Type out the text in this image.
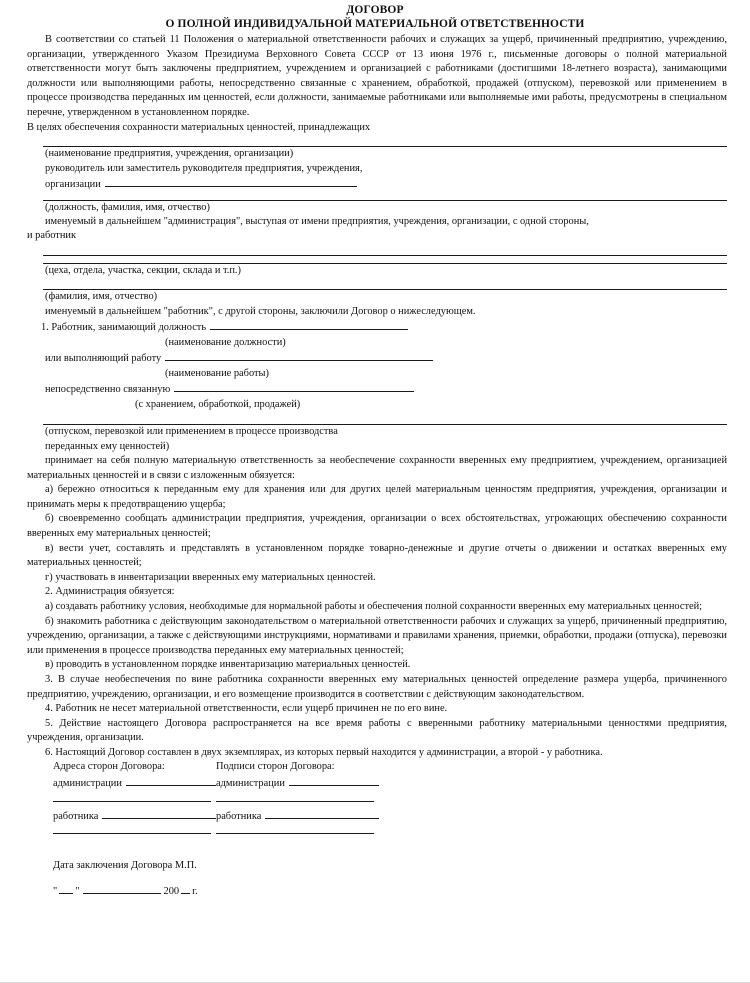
ДОГОВОР
О ПОЛНОЙ ИНДИВИДУАЛЬНОЙ МАТЕРИАЛЬНОЙ ОТВЕТСТВЕННОСТИ

В соответствии со статьей 11 Положения о материальной ответственности рабочих и служащих за ущерб, причиненный предприятию, учреждению, организации, утвержденного Указом Президиума Верховного Совета СССР от 13 июня 1976 г., письменные договоры о полной материальной ответственности могут быть заключены предприятием, учреждением и организацией с работниками (достигшими 18-летнего возраста), занимающими должности или выполняющими работы, непосредственно связанные с хранением, обработкой, продажей (отпуском), перевозкой или применением в процессе производства переданных им ценностей, если должности, занимаемые работниками или выполняемые ими работы, предусмотрены в специальном перечне, утвержденном в установленном порядке.

В целях обеспечения сохранности материальных ценностей, принадлежащих

(наименование предприятия, учреждения, организации)

руководитель или заместитель руководителя предприятия, учреждения,

организации

(должность, фамилия, имя, отчество)

именуемый в дальнейшем "администрация", выступая от имени предприятия, учреждения, организации, с одной стороны,

и работник

(цеха, отдела, участка, секции, склада и т.п.)

(фамилия, имя, отчество)

именуемый в дальнейшем "работник", с другой стороны, заключили Договор о нижеследующем.

1. Работник, занимающий должность

(наименование должности)

или выполняющий работу

(наименование работы)

непосредственно связанную

(с хранением, обработкой, продажей)

(отпуском, перевозкой или применением в процессе производства

переданных ему ценностей)

принимает на себя полную материальную ответственность за необеспечение сохранности вверенных ему предприятием, учреждением, организацией материальных ценностей и в связи с изложенным обязуется:

а) бережно относиться к переданным ему для хранения или для других целей материальным ценностям предприятия, учреждения, организации и принимать меры к предотвращению ущерба;

б) своевременно сообщать администрации предприятия, учреждения, организации о всех обстоятельствах, угрожающих обеспечению сохранности вверенных ему материальных ценностей;

в) вести учет, составлять и представлять в установленном порядке товарно-денежные и другие отчеты о движении и остатках вверенных ему материальных ценностей;

г) участвовать в инвентаризации вверенных ему материальных ценностей.

2. Администрация обязуется:

а) создавать работнику условия, необходимые для нормальной работы и обеспечения полной сохранности вверенных ему материальных ценностей;

б) знакомить работника с действующим законодательством о материальной ответственности рабочих и служащих за ущерб, причиненный предприятию, учреждению, организации, а также с действующими инструкциями, нормативами и правилами хранения, приемки, обработки, продажи (отпуска), перевозки или применения в процессе производства переданных ему материальных ценностей;

в) проводить в установленном порядке инвентаризацию материальных ценностей.

3. В случае необеспечения по вине работника сохранности вверенных ему материальных ценностей определение размера ущерба, причиненного предприятию, учреждению, организации, и его возмещение производится в соответствии с действующим законодательством.

4. Работник не несет материальной ответственности, если ущерб причинен не по его вине.

5. Действие настоящего Договора распространяется на все время работы с вверенными работнику материальными ценностями предприятия, учреждения, организации.

6. Настоящий Договор составлен в двух экземплярах, из которых первый находится у администрации, а второй - у работника.

Адреса сторон Договора:	Подписи сторон Договора:
администрации	администрации
работника	работника

Дата заключения Договора М.П.

" "	200 г.
